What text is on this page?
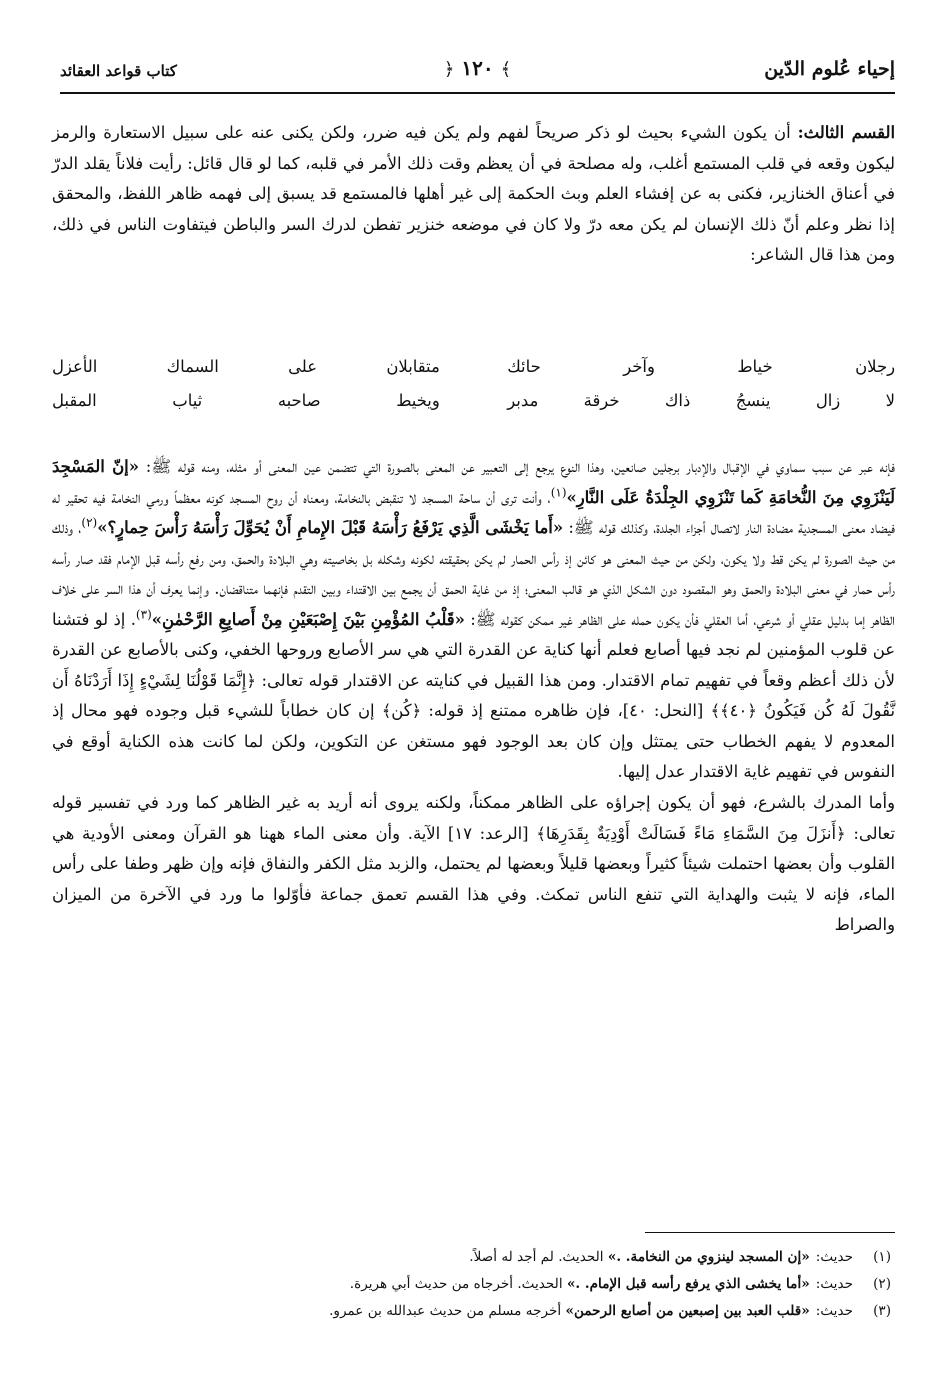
إحياء عُلوم الدّين
﴾ ١٢٠ ﴿
كتاب قواعد العقائد

القسم الثالث: أن يكون الشيء بحيث لو ذكر صريحاً لفهم ولم يكن فيه ضرر، ولكن يكنى عنه على سبيل الاستعارة والرمز ليكون وقعه في قلب المستمع أغلب، وله مصلحة في أن يعظم وقت ذلك الأمر في قلبه، كما لو قال قائل: رأيت فلاناً يقلد الدرّ في أعناق الخنازير، فكنى به عن إفشاء العلم وبث الحكمة إلى غير أهلها فالمستمع قد يسبق إلى فهمه ظاهر اللفظ، والمحقق إذا نظر وعلم أنّ ذلك الإنسان لم يكن معه درّ ولا كان في موضعه خنزير تفطن لدرك السر والباطن فيتفاوت الناس في ذلك، ومن هذا قال الشاعر:

رجلان خياط وآخر حائك
متقابلان على السماك الأعزل
لا زال ينسجُ ذاك خرقة مدبر
ويخيط صاحبه ثياب المقبل

فإنه عبر عن سبب سماوي في الإقبال والإدبار برجلين صانعين، وهذا النوع يرجع إلى التعبير عن المعنى بالصورة التي تتضمن عين المعنى أو مثله، ومنه قوله ﷺ: «إنّ المَسْجِدَ لَيَنْزَوِي مِنَ النُّخامَةِ كَما تَنْزَوِي الجِلْدَةُ عَلَى النَّارِ»$^{(١)}$، وأنت ترى أن ساحة المسجد لا تنقبض بالنخامة، ومعناه أن روح المسجد كونه معظماً ورمي النخامة فيه تحقير له فيضاد معنى المسجدية مضادة النار لاتصال أجزاء الجلدة، وكذلك قوله ﷺ: «أَما يَخْشَى الَّذِي يَرْفَعُ رَأْسَهُ قَبْلَ الإِمامِ أَنْ يُحَوِّلَ رَأْسَهُ رَأْسَ حِمارٍ؟»$^{(٢)}$، وذلك من حيث الصورة لم يكن قط ولا يكون، ولكن من حيث المعنى هو كائن إذ رأس الحمار لم يكن بحقيقته لكونه وشكله بل بخاصيته وهي البلادة والحمق، ومن رفع رأسه قبل الإمام فقد صار رأسه رأس حمار في معنى البلادة والحمق وهو المقصود دون الشكل الذي هو قالب المعنى؛ إذ من غاية الحمق أن يجمع بين الاقتداء وبين التقدم فإنهما متناقضان. وإنما يعرف أن هذا السر على خلاف الظاهر إما بدليل عقلي أو شرعي، أما العقلي فأن يكون حمله على الظاهر غير ممكن كقوله ﷺ: «قَلْبُ المُؤْمِنِ بَيْنَ إِصْبَعَيْنِ مِنْ أَصابِعِ الرَّحْمٰنِ»$^{(٣)}$. إذ لو فتشنا عن قلوب المؤمنين لم نجد فيها أصابع فعلم أنها كناية عن القدرة التي هي سر الأصابع وروحها الخفي، وكنى بالأصابع عن القدرة لأن ذلك أعظم وقعاً في تفهيم تمام الاقتدار. ومن هذا القبيل في كنايته عن الاقتدار قوله تعالى: ﴿إِنَّمَا قَوْلُنَا لِشَيْءٍ إِذَا أَرَدْنَاهُ أَن نَّقُولَ لَهُ كُن فَيَكُونُ ﴿٤٠﴾﴾ [النحل: ٤٠]، فإن ظاهره ممتنع إذ قوله: ﴿كُن﴾ إن كان خطاباً للشيء قبل وجوده فهو محال إذ المعدوم لا يفهم الخطاب حتى يمتثل وإن كان بعد الوجود فهو مستغن عن التكوين، ولكن لما كانت هذه الكناية أوقع في النفوس في تفهيم غاية الاقتدار عدل إليها.

وأما المدرك بالشرع، فهو أن يكون إجراؤه على الظاهر ممكناً، ولكنه يروى أنه أريد به غير الظاهر كما ورد في تفسير قوله تعالى: ﴿أَنزَلَ مِنَ السَّمَاءِ مَاءً فَسَالَتْ أَوْدِيَةٌ بِقَدَرِهَا﴾ [الرعد: ١٧] الآية. وأن معنى الماء ههنا هو القرآن ومعنى الأودية هي القلوب وأن بعضها احتملت شيئاً كثيراً وبعضها قليلاً وبعضها لم يحتمل، والزبد مثل الكفر والنفاق فإنه وإن ظهر وطفا على رأس الماء، فإنه لا يثبت والهداية التي تنفع الناس تمكث. وفي هذا القسم تعمق جماعة فأوّلوا ما ورد في الآخرة من الميزان والصراط

(١)
حديث:
«إن المسجد لينزوي من النخامة. .» الحديث. لم أجد له أصلاً.
(٢)
حديث:
«أما يخشى الذي يرفع رأسه قبل الإمام. .» الحديث. أخرجاه من حديث أبي هريرة.
(٣)
حديث:
«قلب العبد بين إصبعين من أصابع الرحمن» أخرجه مسلم من حديث عبدالله بن عمرو.
